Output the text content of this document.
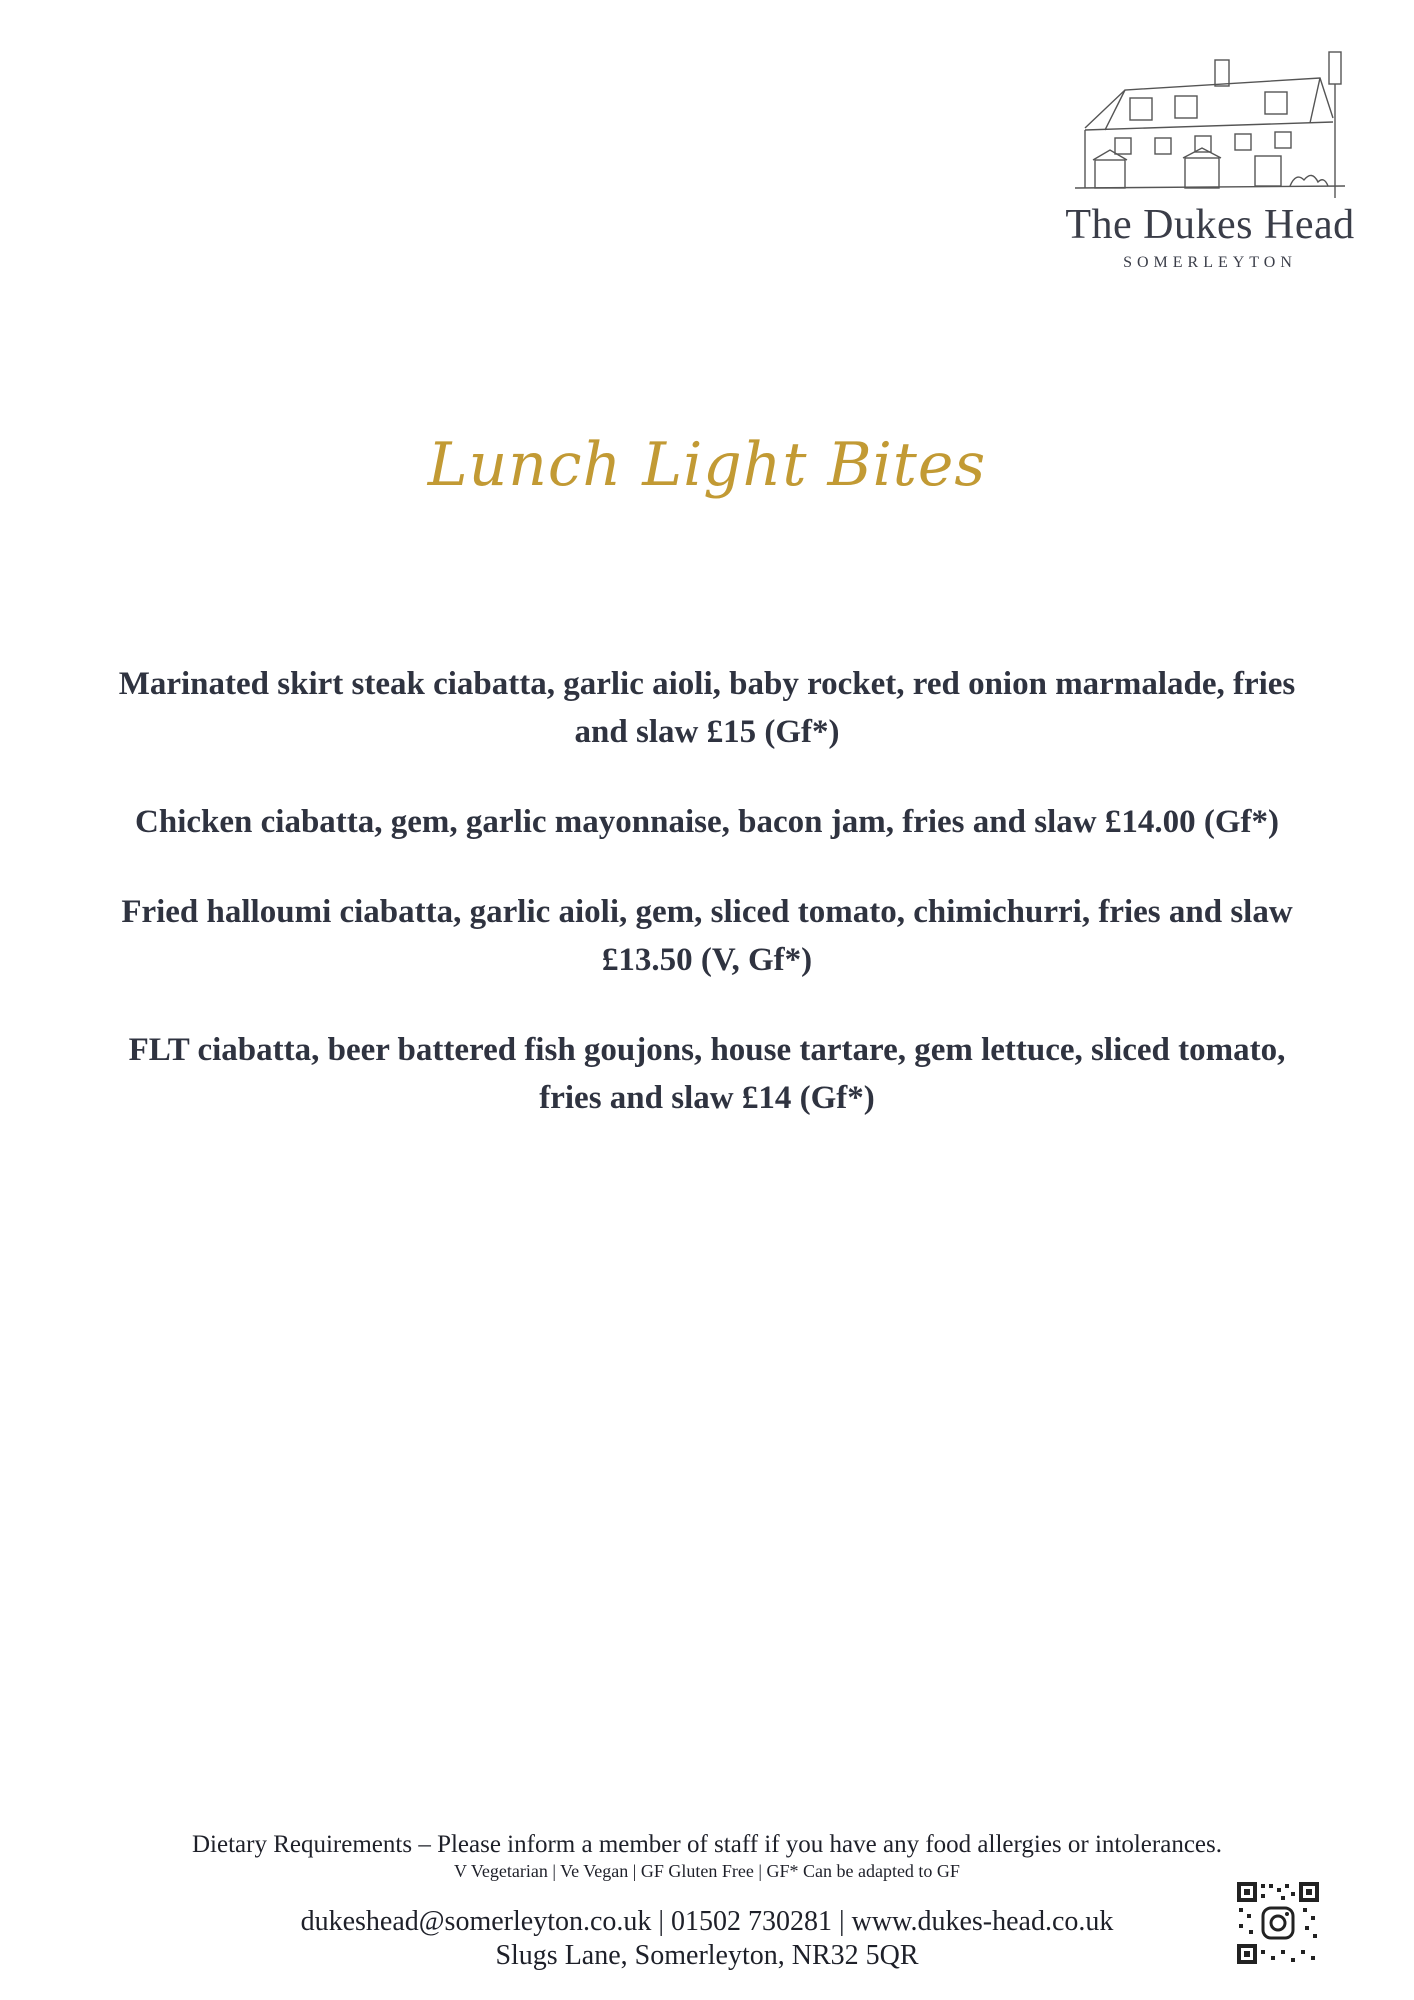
The Dukes Head
SOMERLEYTON
Lunch Light Bites

Marinated skirt steak ciabatta, garlic aioli, baby rocket, red onion marmalade, fries and slaw £15 (Gf*)

Chicken ciabatta, gem, garlic mayonnaise, bacon jam, fries and slaw £14.00 (Gf*)

Fried halloumi ciabatta, garlic aioli, gem, sliced tomato, chimichurri, fries and slaw £13.50 (V, Gf*)

FLT ciabatta, beer battered fish goujons, house tartare, gem lettuce, sliced tomato, fries and slaw £14 (Gf*)

Dietary Requirements – Please inform a member of staff if you have any food allergies or intolerances.
V Vegetarian | Ve Vegan | GF Gluten Free | GF* Can be adapted to GF
dukeshead@somerleyton.co.uk | 01502 730281 | www.dukes-head.co.uk
Slugs Lane, Somerleyton, NR32 5QR
